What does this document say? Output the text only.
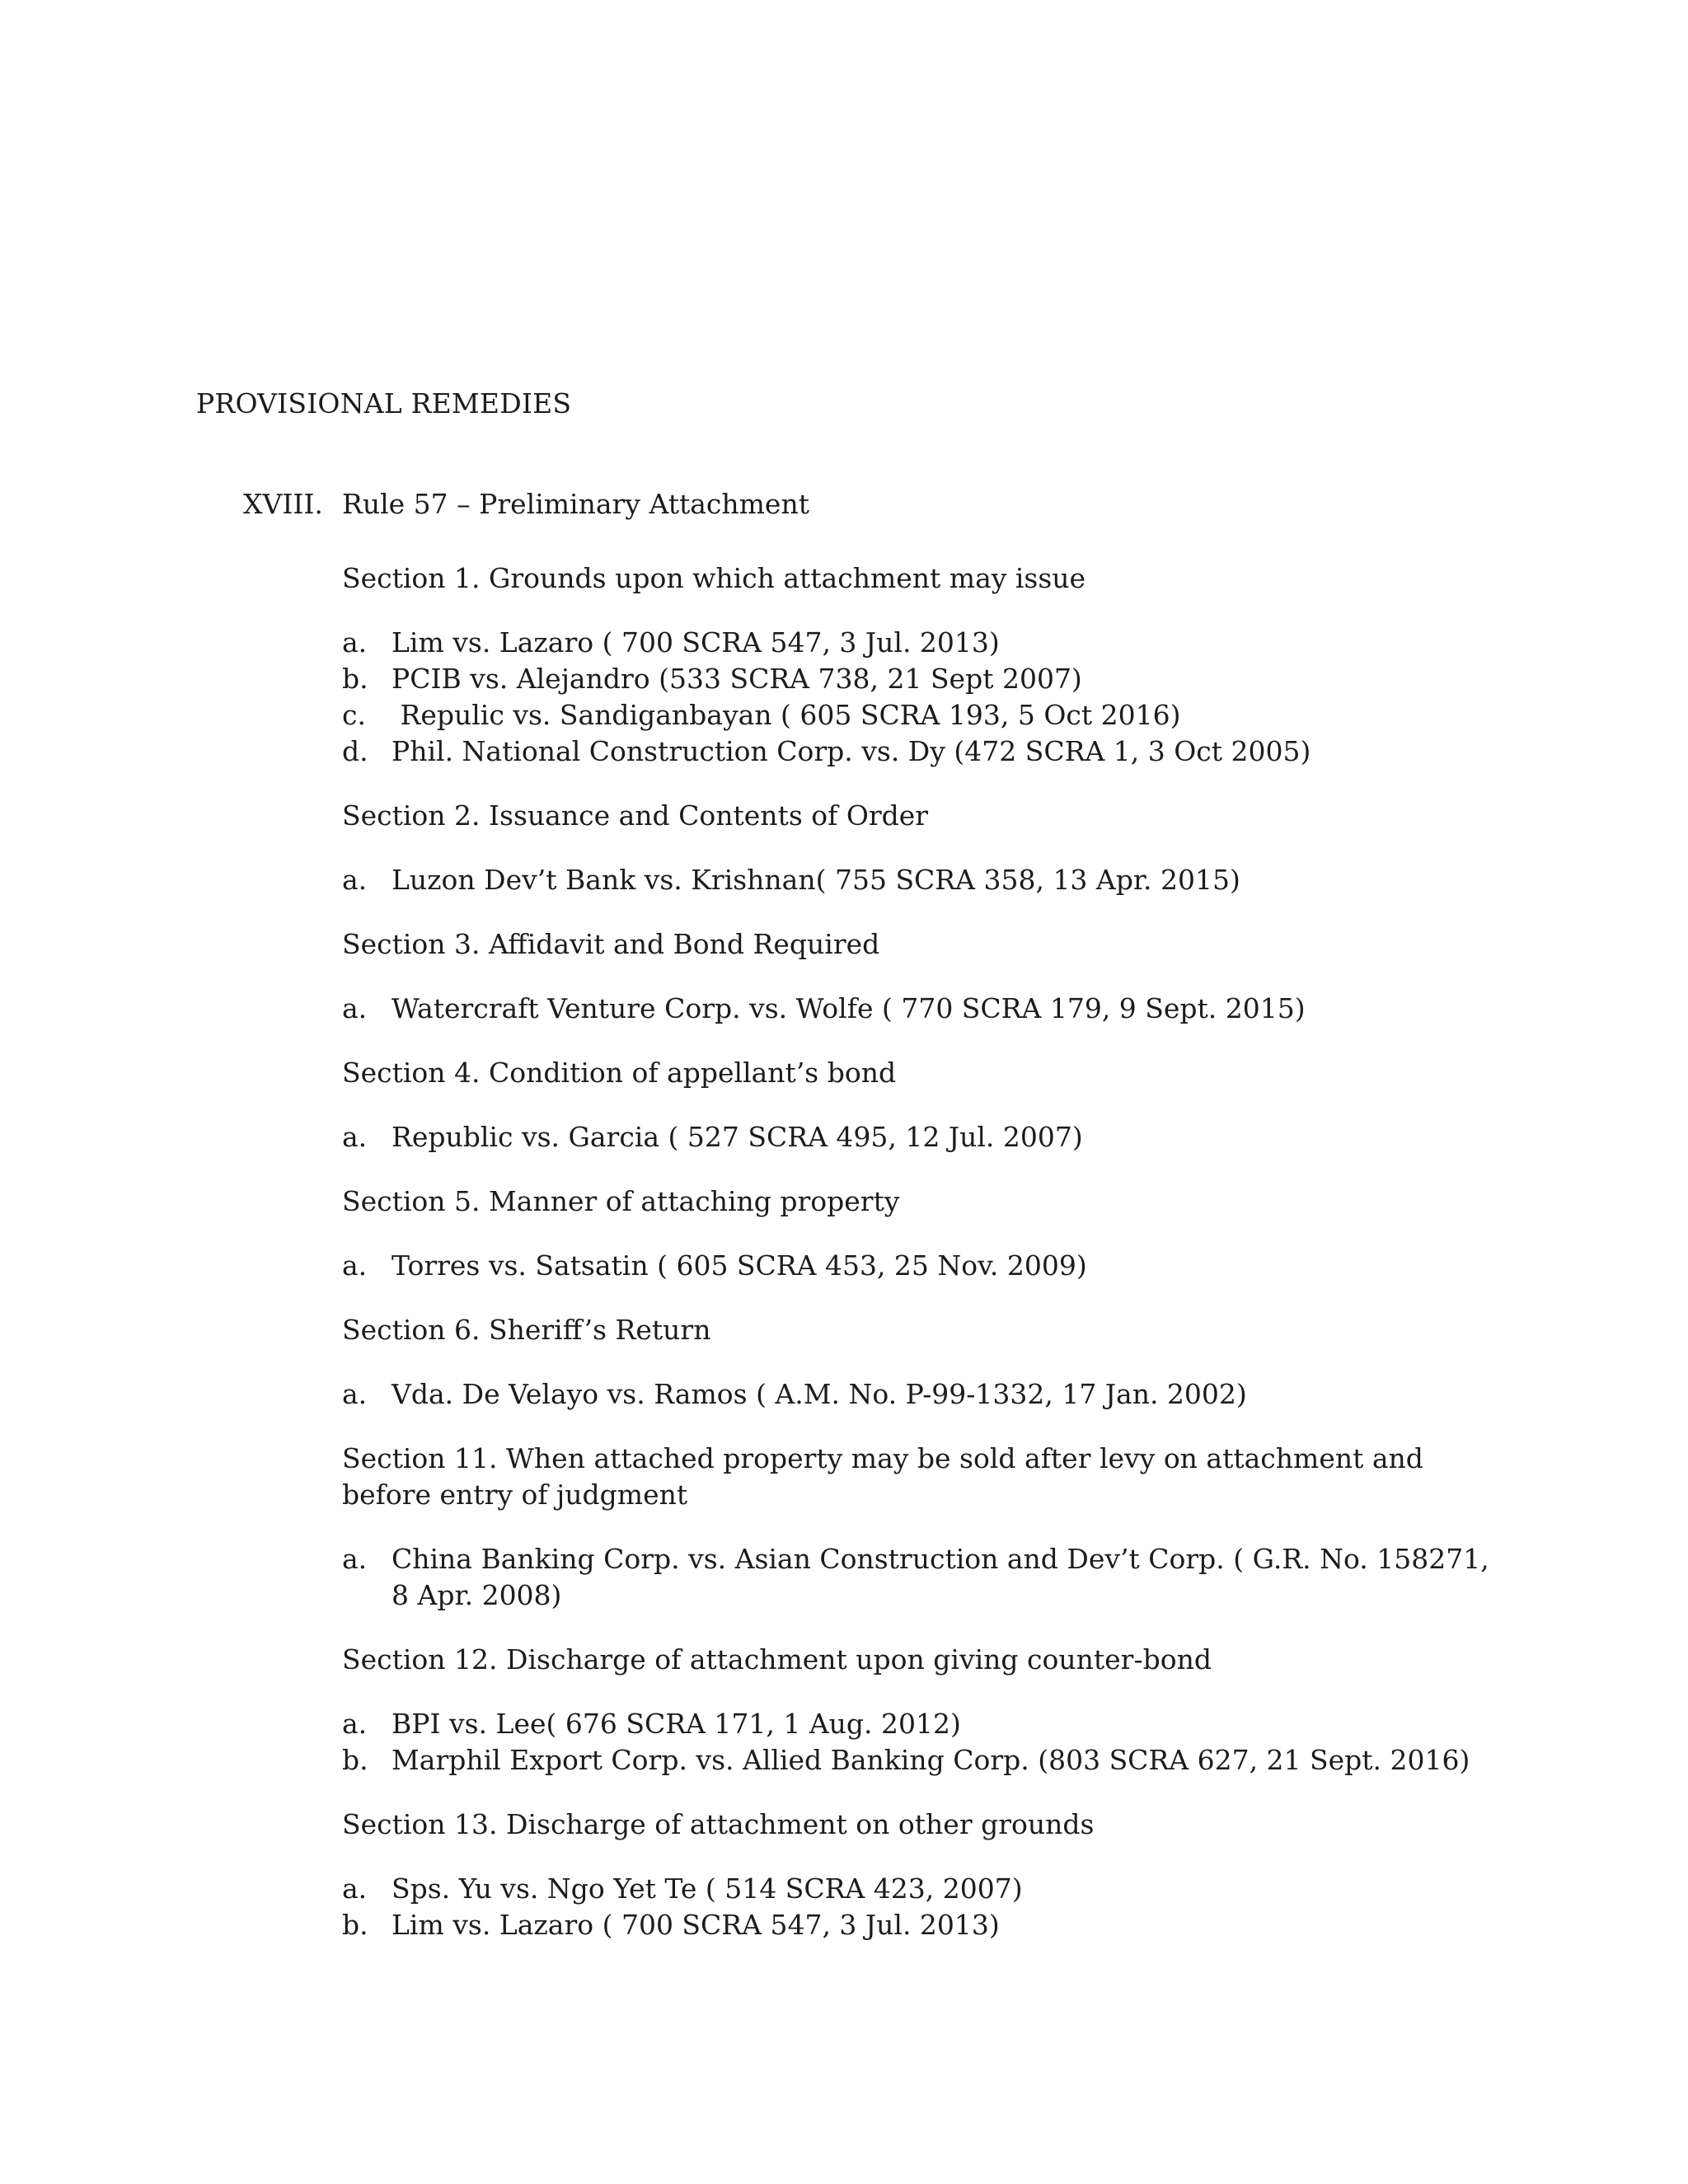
PROVISIONAL REMEDIES
XVIII. Rule 57 – Preliminary Attachment
Section 1. Grounds upon which attachment may issue
a. Lim vs. Lazaro ( 700 SCRA 547, 3 Jul. 2013)
b. PCIB vs. Alejandro (533 SCRA 738, 21 Sept 2007)
c. Repulic vs. Sandiganbayan ( 605 SCRA 193, 5 Oct 2016)
d. Phil. National Construction Corp. vs. Dy (472 SCRA 1, 3 Oct 2005)
Section 2. Issuance and Contents of Order
a. Luzon Dev’t Bank vs. Krishnan( 755 SCRA 358, 13 Apr. 2015)
Section 3. Affidavit and Bond Required
a. Watercraft Venture Corp. vs. Wolfe ( 770 SCRA 179, 9 Sept. 2015)
Section 4. Condition of appellant’s bond
a. Republic vs. Garcia ( 527 SCRA 495, 12 Jul. 2007)
Section 5. Manner of attaching property
a. Torres vs. Satsatin ( 605 SCRA 453, 25 Nov. 2009)
Section 6. Sheriff’s Return
a. Vda. De Velayo vs. Ramos ( A.M. No. P-99-1332, 17 Jan. 2002)
Section 11. When attached property may be sold after levy on attachment and before entry of judgment
a. China Banking Corp. vs. Asian Construction and Dev’t Corp. ( G.R. No. 158271, 8 Apr. 2008)
Section 12. Discharge of attachment upon giving counter-bond
a. BPI vs. Lee( 676 SCRA 171, 1 Aug. 2012)
b. Marphil Export Corp. vs. Allied Banking Corp. (803 SCRA 627, 21 Sept. 2016)
Section 13. Discharge of attachment on other grounds
a. Sps. Yu vs. Ngo Yet Te ( 514 SCRA 423, 2007)
b. Lim vs. Lazaro ( 700 SCRA 547, 3 Jul. 2013)
